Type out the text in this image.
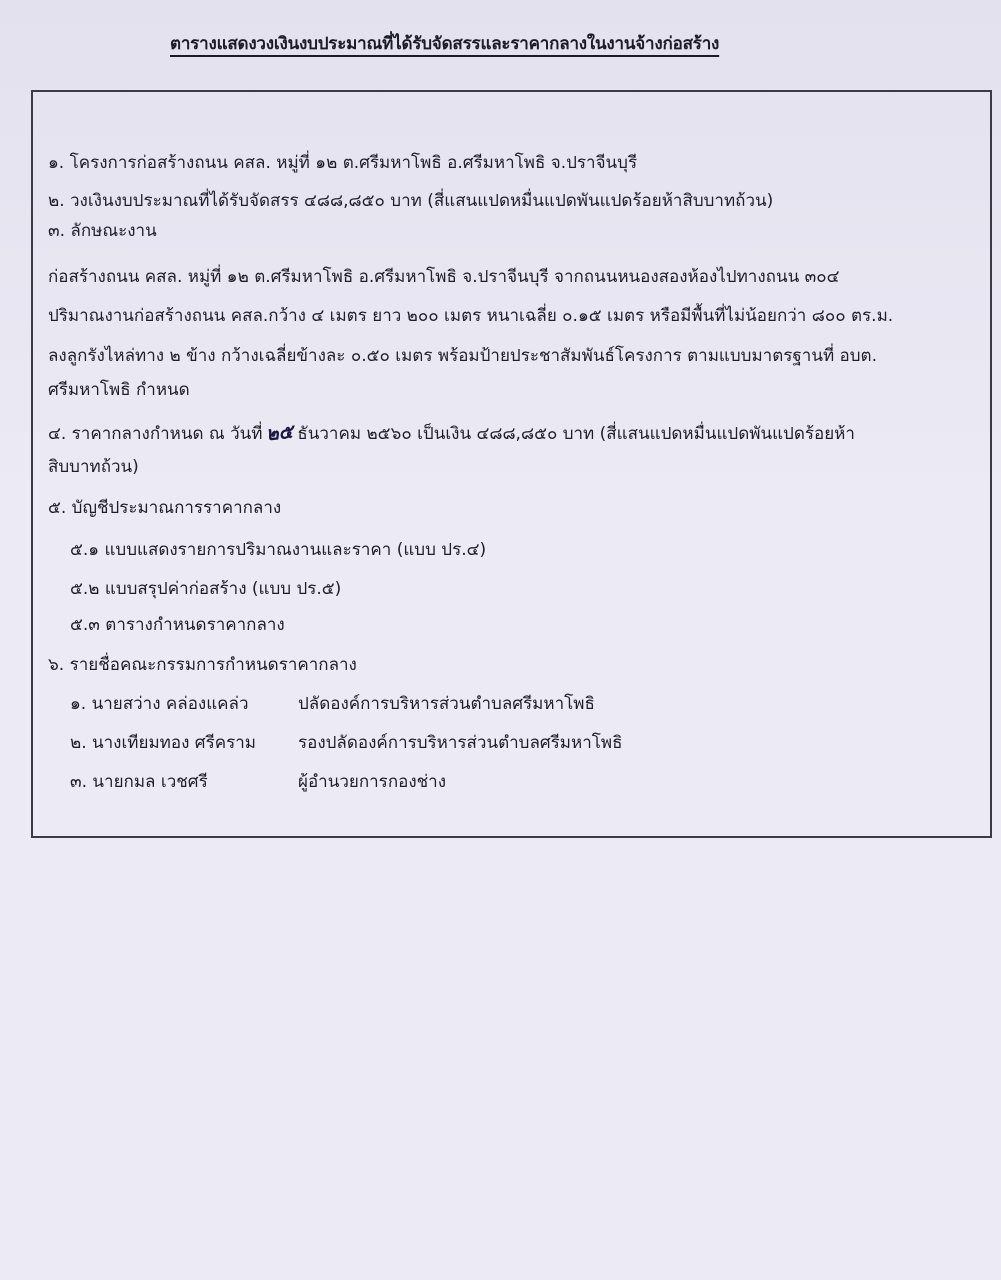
ตารางแสดงวงเงินงบประมาณที่ได้รับจัดสรรและราคากลางในงานจ้างก่อสร้าง
๑. โครงการก่อสร้างถนน คสล. หมู่ที่ ๑๒ ต.ศรีมหาโพธิ อ.ศรีมหาโพธิ จ.ปราจีนบุรี
๒. วงเงินงบประมาณที่ได้รับจัดสรร ๔๘๘,๘๕๐ บาท (สี่แสนแปดหมื่นแปดพันแปดร้อยห้าสิบบาทถ้วน)
๓. ลักษณะงาน
ก่อสร้างถนน คสล. หมู่ที่ ๑๒ ต.ศรีมหาโพธิ อ.ศรีมหาโพธิ จ.ปราจีนบุรี จากถนนหนองสองห้องไปทางถนน ๓๐๔
ปริมาณงานก่อสร้างถนน คสล.กว้าง ๔ เมตร ยาว ๒๐๐ เมตร หนาเฉลี่ย ๐.๑๕ เมตร หรือมีพื้นที่ไม่น้อยกว่า ๘๐๐ ตร.ม.
ลงลูกรังไหล่ทาง ๒ ข้าง กว้างเฉลี่ยข้างละ ๐.๕๐ เมตร พร้อมป้ายประชาสัมพันธ์โครงการ ตามแบบมาตรฐานที่ อบต.
ศรีมหาโพธิ กำหนด
๔. ราคากลางกำหนด ณ วันที่ ๒๕ ธันวาคม ๒๕๖๐ เป็นเงิน ๔๘๘,๘๕๐ บาท (สี่แสนแปดหมื่นแปดพันแปดร้อยห้า
สิบบาทถ้วน)
๕. บัญชีประมาณการราคากลาง
๕.๑ แบบแสดงรายการปริมาณงานและราคา (แบบ ปร.๔)
๕.๒ แบบสรุปค่าก่อสร้าง (แบบ ปร.๕)
๕.๓ ตารางกำหนดราคากลาง
๖. รายชื่อคณะกรรมการกำหนดราคากลาง
๑. นายสว่าง คล่องแคล่ว	ปลัดองค์การบริหารส่วนตำบลศรีมหาโพธิ
๒. นางเทียมทอง ศรีคราม รองปลัดองค์การบริหารส่วนตำบลศรีมหาโพธิ
๓. นายกมล เวชศรี	ผู้อำนวยการกองช่าง
